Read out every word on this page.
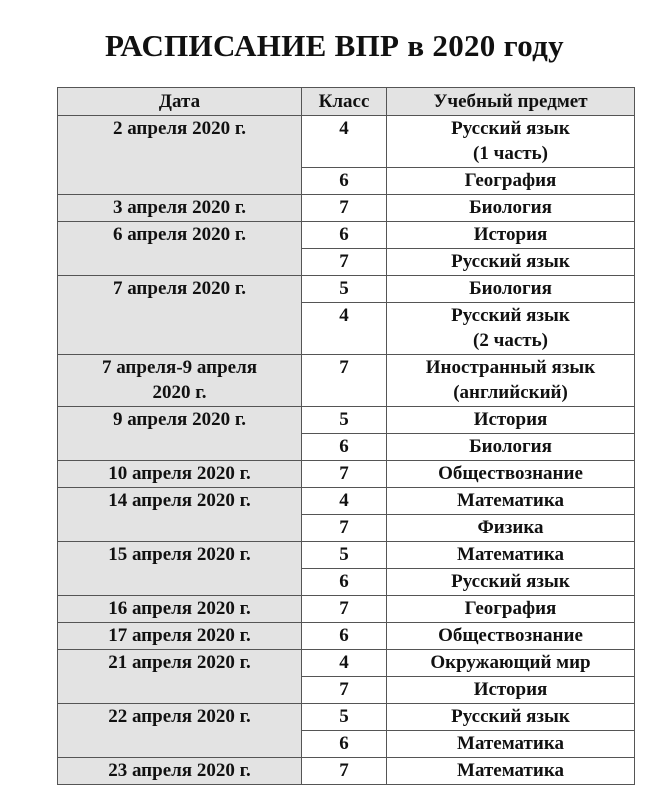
РАСПИСАНИЕ ВПР в 2020 году
Дата	Класс	Учебный предмет
2 апреля 2020 г.	4	Русский язык
(1 часть)
	6	География
3 апреля 2020 г.	7	Биология
6 апреля 2020 г.	6	История
	7	Русский язык
7 апреля 2020 г.	5	Биология
	4	Русский язык
(2 часть)
7 апреля-9 апреля
2020 г.	7	Иностранный язык
(английский)
9 апреля 2020 г.	5	История
	6	Биология
10 апреля 2020 г.	7	Обществознание
14 апреля 2020 г.	4	Математика
	7	Физика
15 апреля 2020 г.	5	Математика
	6	Русский язык
16 апреля 2020 г.	7	География
17 апреля 2020 г.	6	Обществознание
21 апреля 2020 г.	4	Окружающий мир
	7	История
22 апреля 2020 г.	5	Русский язык
	6	Математика
23 апреля 2020 г.	7	Математика
